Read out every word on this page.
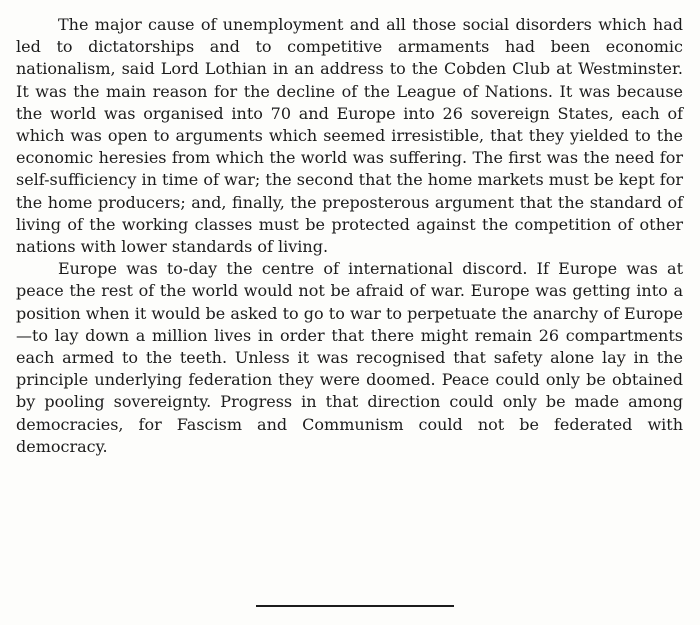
The major cause of unemployment and all those social disorders which had led to dictatorships and to competitive armaments had been economic nationalism, said Lord Lothian in an address to the Cobden Club at Westminster. It was the main reason for the decline of the League of Nations. It was because the world was organised into 70 and Europe into 26 sovereign States, each of which was open to arguments which seemed irresistible, that they yielded to the economic heresies from which the world was suffering. The first was the need for self-sufficiency in time of war; the second that the home markets must be kept for the home producers; and, finally, the preposterous argument that the standard of living of the working classes must be protected against the competition of other nations with lower standards of living.

Europe was to-day the centre of international discord. If Europe was at peace the rest of the world would not be afraid of war. Europe was getting into a position when it would be asked to go to war to perpetuate the anarchy of Europe—to lay down a million lives in order that there might remain 26 compartments each armed to the teeth. Unless it was recognised that safety alone lay in the principle underlying federation they were doomed. Peace could only be obtained by pooling sovereignty. Progress in that direction could only be made among democracies, for Fascism and Communism could not be federated with democracy.
